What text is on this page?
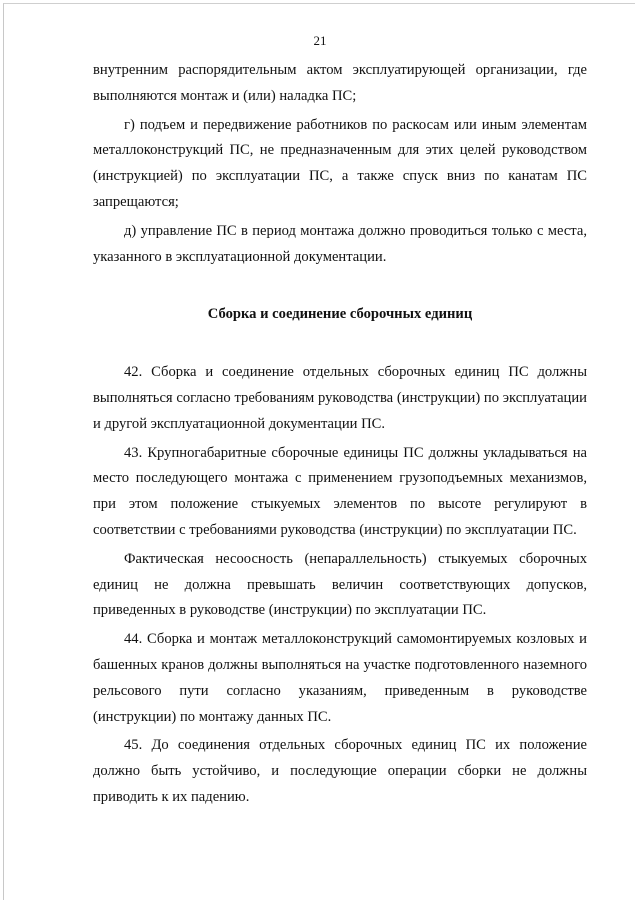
21

внутренним распорядительным актом эксплуатирующей организации, где выполняются монтаж и (или) наладка ПС;

г) подъем и передвижение работников по раскосам или иным элементам металлоконструкций ПС, не предназначенным для этих целей руководством (инструкцией) по эксплуатации ПС, а также спуск вниз по канатам ПС запрещаются;

д) управление ПС в период монтажа должно проводиться только с места, указанного в эксплуатационной документации.

Сборка и соединение сборочных единиц

42. Сборка и соединение отдельных сборочных единиц ПС должны выполняться согласно требованиям руководства (инструкции) по эксплуатации и другой эксплуатационной документации ПС.

43. Крупногабаритные сборочные единицы ПС должны укладываться на место последующего монтажа с применением грузоподъемных механизмов, при этом положение стыкуемых элементов по высоте регулируют в соответствии с требованиями руководства (инструкции) по эксплуатации ПС.

Фактическая несоосность (непараллельность) стыкуемых сборочных единиц не должна превышать величин соответствующих допусков, приведенных в руководстве (инструкции) по эксплуатации ПС.

44. Сборка и монтаж металлоконструкций самомонтируемых козловых и башенных кранов должны выполняться на участке подготовленного наземного рельсового пути согласно указаниям, приведенным в руководстве (инструкции) по монтажу данных ПС.

45. До соединения отдельных сборочных единиц ПС их положение должно быть устойчиво, и последующие операции сборки не должны приводить к их падению.
